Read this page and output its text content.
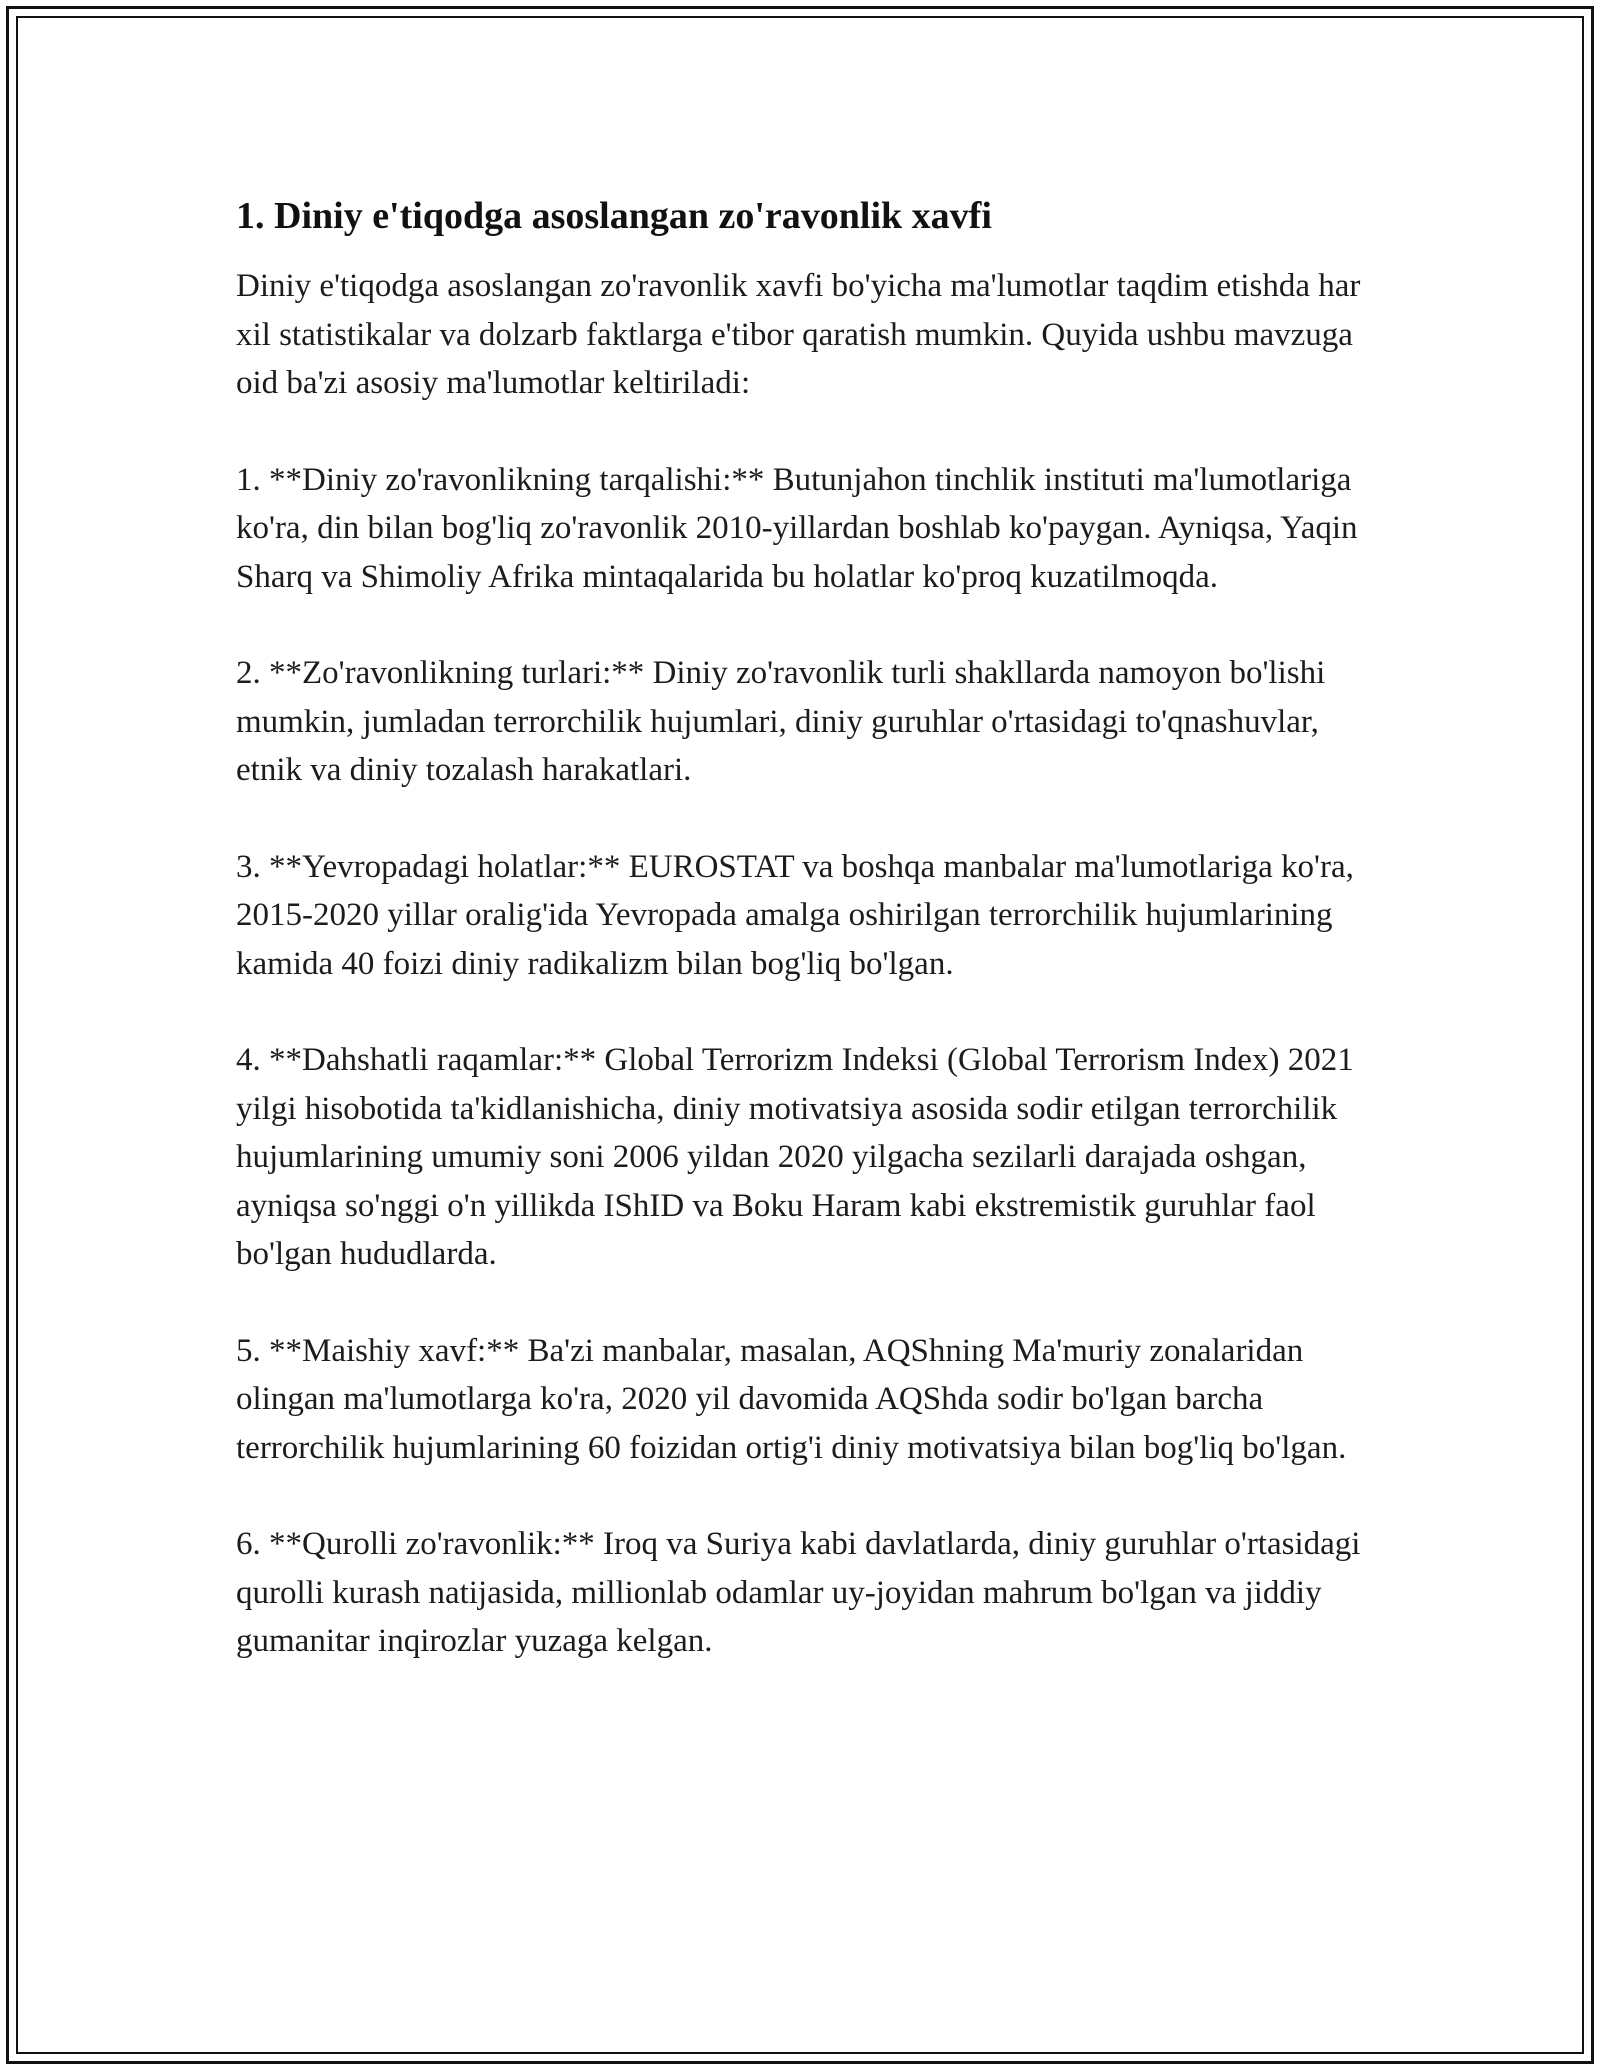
1. Diniy e'tiqodga asoslangan zo'ravonlik xavfi

Diniy e'tiqodga asoslangan zo'ravonlik xavfi bo'yicha ma'lumotlar taqdim etishda har xil statistikalar va dolzarb faktlarga e'tibor qaratish mumkin. Quyida ushbu mavzuga oid ba'zi asosiy ma'lumotlar keltiriladi:

1. **Diniy zo'ravonlikning tarqalishi:** Butunjahon tinchlik instituti ma'lumotlariga ko'ra, din bilan bog'liq zo'ravonlik 2010-yillardan boshlab ko'paygan. Ayniqsa, Yaqin Sharq va Shimoliy Afrika mintaqalarida bu holatlar ko'proq kuzatilmoqda.

2. **Zo'ravonlikning turlari:** Diniy zo'ravonlik turli shakllarda namoyon bo'lishi mumkin, jumladan terrorchilik hujumlari, diniy guruhlar o'rtasidagi to'qnashuvlar, etnik va diniy tozalash harakatlari.

3. **Yevropadagi holatlar:** EUROSTAT va boshqa manbalar ma'lumotlariga ko'ra, 2015-2020 yillar oralig'ida Yevropada amalga oshirilgan terrorchilik hujumlarining kamida 40 foizi diniy radikalizm bilan bog'liq bo'lgan.

4. **Dahshatli raqamlar:** Global Terrorizm Indeksi (Global Terrorism Index) 2021 yilgi hisobotida ta'kidlanishicha, diniy motivatsiya asosida sodir etilgan terrorchilik hujumlarining umumiy soni 2006 yildan 2020 yilgacha sezilarli darajada oshgan, ayniqsa so'nggi o'n yillikda IShID va Boku Haram kabi ekstremistik guruhlar faol bo'lgan hududlarda.

5. **Maishiy xavf:** Ba'zi manbalar, masalan, AQShning Ma'muriy zonalaridan olingan ma'lumotlarga ko'ra, 2020 yil davomida AQShda sodir bo'lgan barcha terrorchilik hujumlarining 60 foizidan ortig'i diniy motivatsiya bilan bog'liq bo'lgan.

6. **Qurolli zo'ravonlik:** Iroq va Suriya kabi davlatlarda, diniy guruhlar o'rtasidagi qurolli kurash natijasida, millionlab odamlar uy-joyidan mahrum bo'lgan va jiddiy gumanitar inqirozlar yuzaga kelgan.
